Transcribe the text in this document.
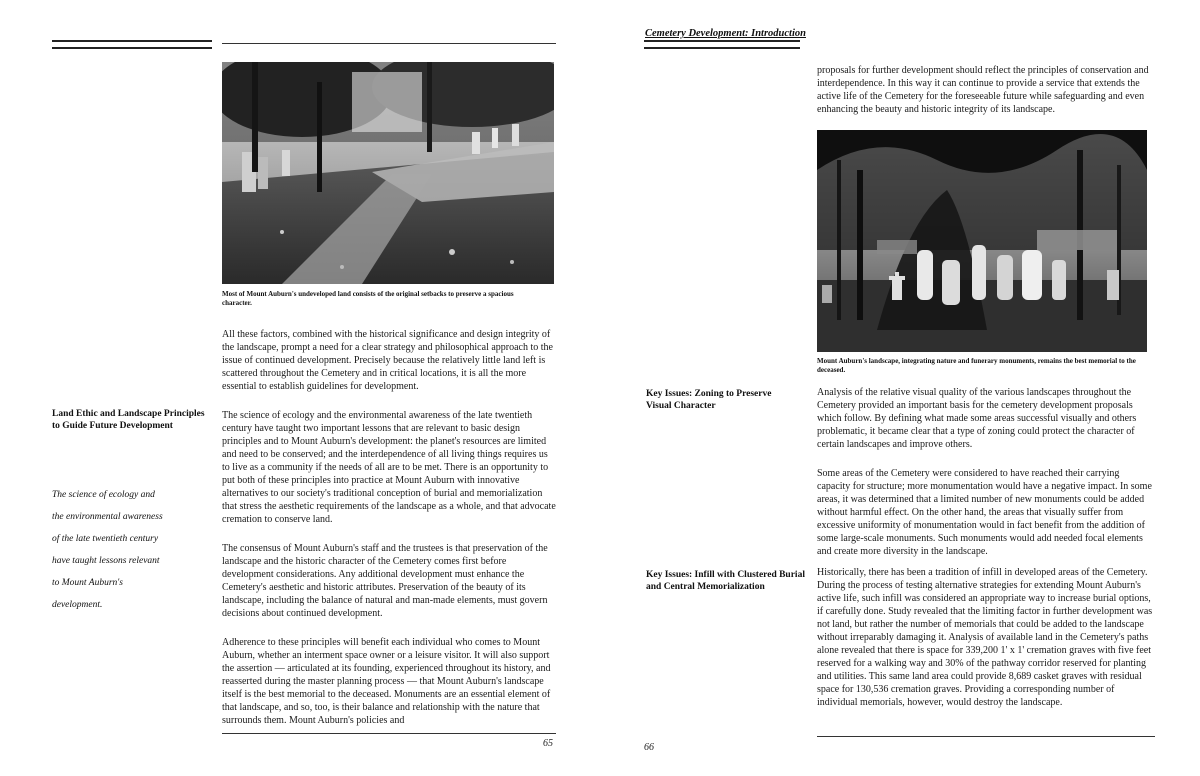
Most of Mount Auburn's undeveloped land consists of the original setbacks to preserve a spacious character.
Land Ethic and Landscape Principles to Guide Future Development
The science of ecology and the environmental awareness of the late twentieth century have taught lessons relevant to Mount Auburn's development.

All these factors, combined with the historical significance and design integrity of the landscape, prompt a need for a clear strategy and philosophical approach to the issue of continued development. Precisely because the relatively little land left is scattered throughout the Cemetery and in critical locations, it is all the more essential to establish guidelines for development.

The science of ecology and the environmental awareness of the late twentieth century have taught two important lessons that are relevant to basic design principles and to Mount Auburn's development: the planet's resources are limited and need to be conserved; and the interdependence of all living things requires us to live as a community if the needs of all are to be met. There is an opportunity to put both of these principles into practice at Mount Auburn with innovative alternatives to our society's traditional conception of burial and memorialization that stress the aesthetic requirements of the landscape as a whole, and that advocate cremation to conserve land.

The consensus of Mount Auburn's staff and the trustees is that preservation of the landscape and the historic character of the Cemetery comes first before development considerations. Any additional development must enhance the Cemetery's aesthetic and historic attributes. Preservation of the beauty of its landscape, including the balance of natural and man-made elements, must govern decisions about continued development.

Adherence to these principles will benefit each individual who comes to Mount Auburn, whether an interment space owner or a leisure visitor. It will also support the assertion — articulated at its founding, experienced throughout its history, and reasserted during the master planning process — that Mount Auburn's landscape itself is the best memorial to the deceased. Monuments are an essential element of that landscape, and so, too, is their balance and relationship with the nature that surrounds them. Mount Auburn's policies and

65
Cemetery Development: Introduction
proposals for further development should reflect the principles of conservation and interdependence. In this way it can continue to provide a service that extends the active life of the Cemetery for the foreseeable future while safeguarding and even enhancing the beauty and historic integrity of its landscape.
Mount Auburn's landscape, integrating nature and funerary monuments, remains the best memorial to the deceased.
Key Issues: Zoning to Preserve Visual Character

Analysis of the relative visual quality of the various landscapes throughout the Cemetery provided an important basis for the cemetery development proposals which follow. By defining what made some areas successful visually and others problematic, it became clear that a type of zoning could protect the character of certain landscapes and improve others.

Some areas of the Cemetery were considered to have reached their carrying capacity for structure; more monumentation would have a negative impact. In some areas, it was determined that a limited number of new monuments could be added without harmful effect. On the other hand, the areas that visually suffer from excessive uniformity of monumentation would in fact benefit from the addition of some large-scale monuments. Such monuments would add needed focal elements and create more diversity in the landscape.

Key Issues: Infill with Clustered Burial and Central Memorialization
Historically, there has been a tradition of infill in developed areas of the Cemetery. During the process of testing alternative strategies for extending Mount Auburn's active life, such infill was considered an appropriate way to increase burial options, if carefully done. Study revealed that the limiting factor in further development was not land, but rather the number of memorials that could be added to the landscape without irreparably damaging it. Analysis of available land in the Cemetery's paths alone revealed that there is space for 339,200 1' x 1' cremation graves with five feet reserved for a walking way and 30% of the pathway corridor reserved for planting and utilities. This same land area could provide 8,689 casket graves with residual space for 130,536 cremation graves. Providing a corresponding number of individual memorials, however, would destroy the landscape.
66
